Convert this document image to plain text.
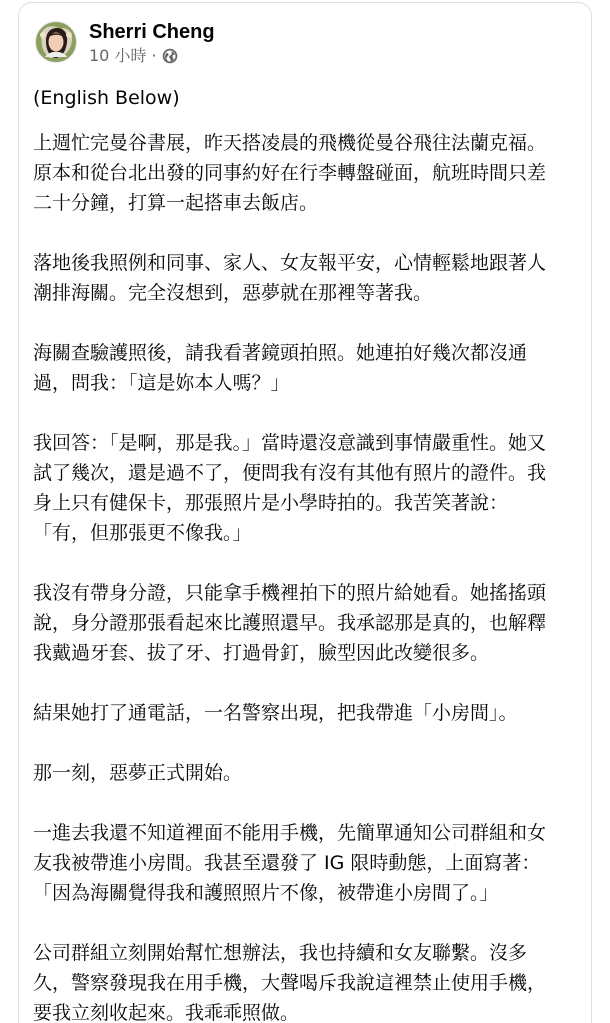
Sherri Cheng
10 小時 ·

(English Below)

上週忙完曼谷書展，昨天搭凌晨的飛機從曼谷飛往法蘭克福。原本和從台北出發的同事約好在行李轉盤碰面，航班時間只差二十分鐘，打算一起搭車去飯店。

落地後我照例和同事、家人、女友報平安，心情輕鬆地跟著人潮排海關。完全沒想到，惡夢就在那裡等著我。

海關查驗護照後，請我看著鏡頭拍照。她連拍好幾次都沒通過，問我：「這是妳本人嗎？」

我回答：「是啊，那是我。」當時還沒意識到事情嚴重性。她又試了幾次，還是過不了，便問我有沒有其他有照片的證件。我身上只有健保卡，那張照片是小學時拍的。我苦笑著說：「有，但那張更不像我。」

我沒有帶身分證，只能拿手機裡拍下的照片給她看。她搖搖頭說，身分證那張看起來比護照還早。我承認那是真的，也解釋我戴過牙套、拔了牙、打過骨釘，臉型因此改變很多。

結果她打了通電話，一名警察出現，把我帶進「小房間」。

那一刻，惡夢正式開始。

一進去我還不知道裡面不能用手機，先簡單通知公司群組和女友我被帶進小房間。我甚至還發了 IG 限時動態，上面寫著：「因為海關覺得我和護照照片不像，被帶進小房間了。」

公司群組立刻開始幫忙想辦法，我也持續和女友聯繫。沒多久，警察發現我在用手機，大聲喝斥我說這裡禁止使用手機，要我立刻收起來。我乖乖照做。
